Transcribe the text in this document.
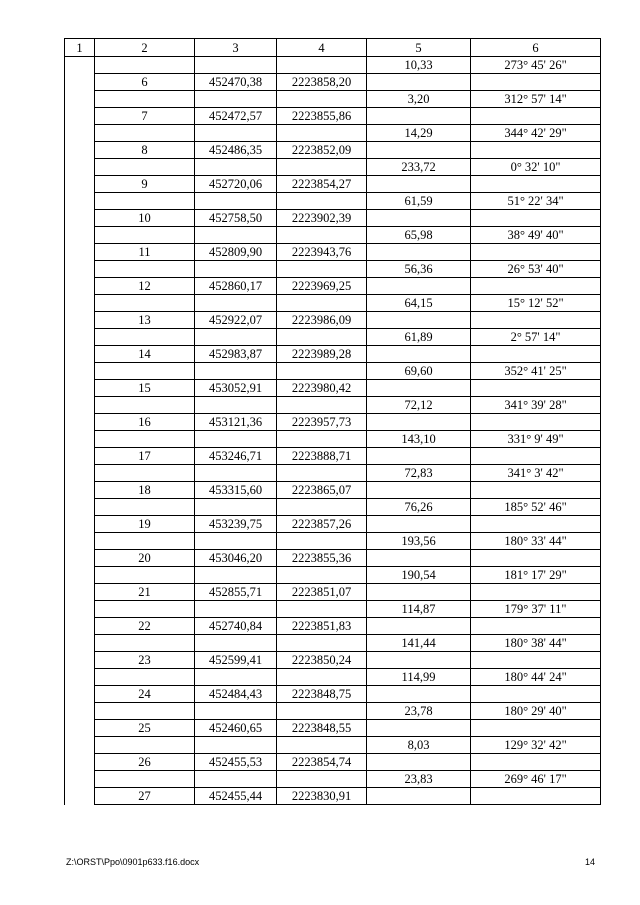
1	2	3	4	5	6
				10,33	273° 45' 26"
	6	452470,38	2223858,20		
				3,20	312° 57' 14"
	7	452472,57	2223855,86		
				14,29	344° 42' 29"
	8	452486,35	2223852,09		
				233,72	0° 32' 10"
	9	452720,06	2223854,27		
				61,59	51° 22' 34"
	10	452758,50	2223902,39		
				65,98	38° 49' 40"
	11	452809,90	2223943,76		
				56,36	26° 53' 40"
	12	452860,17	2223969,25		
				64,15	15° 12' 52"
	13	452922,07	2223986,09		
				61,89	2° 57' 14"
	14	452983,87	2223989,28		
				69,60	352° 41' 25"
	15	453052,91	2223980,42		
				72,12	341° 39' 28"
	16	453121,36	2223957,73		
				143,10	331° 9' 49"
	17	453246,71	2223888,71		
				72,83	341° 3' 42"
	18	453315,60	2223865,07		
				76,26	185° 52' 46"
	19	453239,75	2223857,26		
				193,56	180° 33' 44"
	20	453046,20	2223855,36		
				190,54	181° 17' 29"
	21	452855,71	2223851,07		
				114,87	179° 37' 11"
	22	452740,84	2223851,83		
				141,44	180° 38' 44"
	23	452599,41	2223850,24		
				114,99	180° 44' 24"
	24	452484,43	2223848,75		
				23,78	180° 29' 40"
	25	452460,65	2223848,55		
				8,03	129° 32' 42"
	26	452455,53	2223854,74		
				23,83	269° 46' 17"
	27	452455,44	2223830,91		
Z:\ORST\Ppo\0901p633.f16.docx	14
